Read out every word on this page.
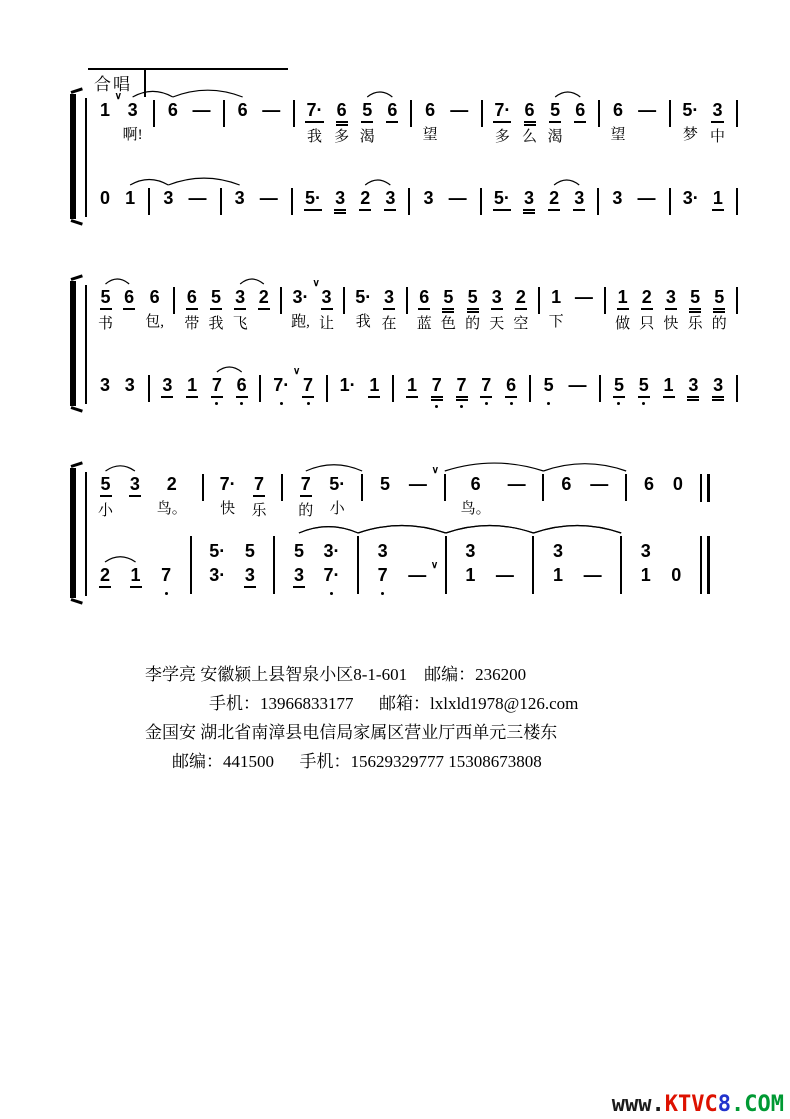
合唱
1
∨

3
啊!
6
—
6
—
7·
我
6
多
5
渴
6
6
望
—
7·
多
6
么
5
渴
6
6
望
—
5·
梦
3
中
0 1 3 — 3 — 5· 3 2 3 3 — 5· 3 2 3 3 — 3· 1
5
书
6
6
包,
6
带
5
我
3
飞
2
3·
∨
跑,
3
让
5·
我
3
在
6
蓝
5
色
5
的
3
天
2
空
1
下
—
1
做
2
只
3
快
5
乐
5
的
3 3 3 1 7 6 7·
∨
7 1· 1 1 7 7 7 6 5 — 5 5 1 3 3
5
小
3
2
鸟。
7·
快
7
乐
7
的
5·
小
5
—
∨

6
鸟。
—
6
—
6
0

2 1 7
5·
3·
5
3
5
3
3·
7·
3
7 — ∨
3
1 —
3
1 —
3
1 0
李学亮 安徽颍上县智泉小区8-1-601    邮编：236200
手机：13966833177      邮箱：lxlxld1978@126.com
金国安 湖北省南漳县电信局家属区营业厅西单元三楼东
邮编：441500      手机：15629329777 15308673808
www.KTVC8.COM
